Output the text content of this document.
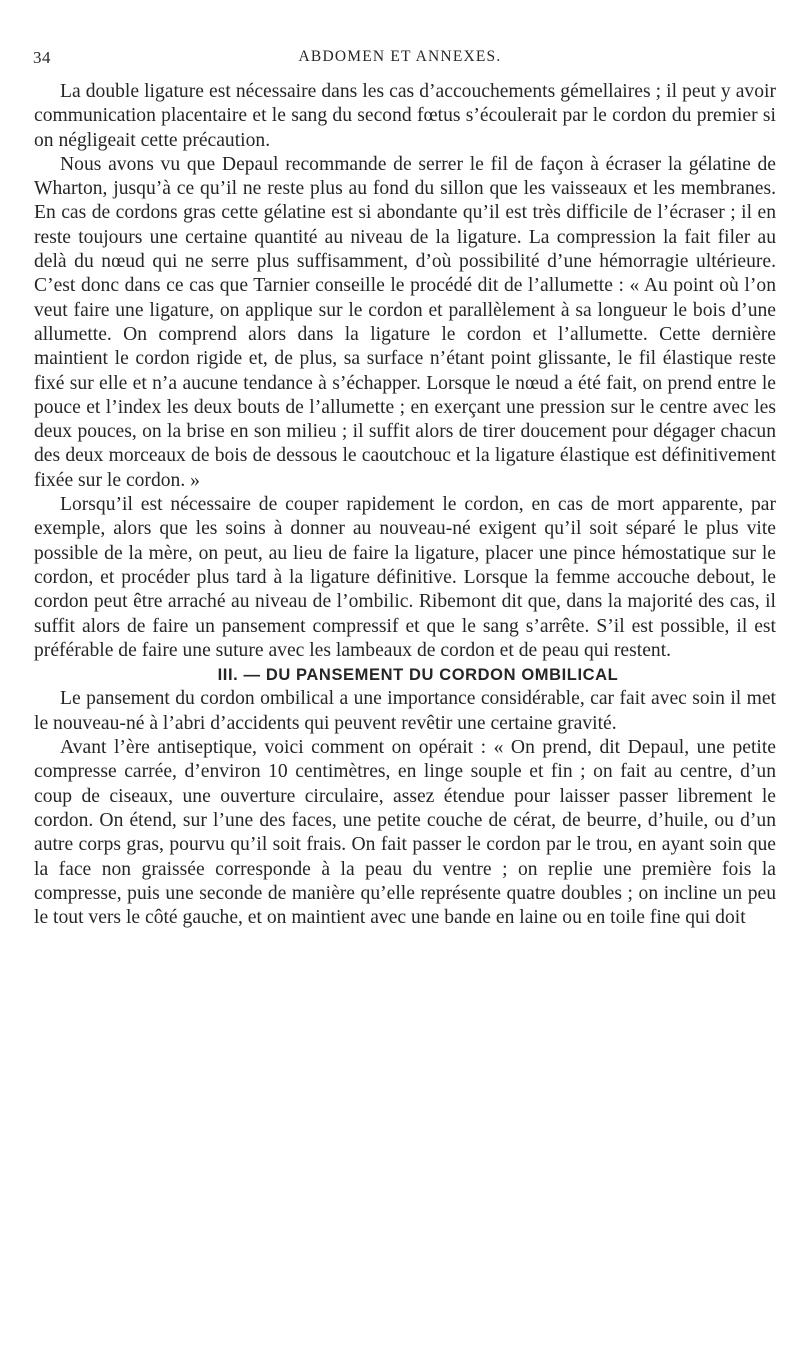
34	ABDOMEN ET ANNEXES.

La double ligature est nécessaire dans les cas d’accouchements gémellaires ; il peut y avoir communication placentaire et le sang du second fœtus s’écoulerait par le cordon du premier si on négligeait cette précaution.

Nous avons vu que Depaul recommande de serrer le fil de façon à écraser la gélatine de Wharton, jusqu’à ce qu’il ne reste plus au fond du sillon que les vaisseaux et les membranes. En cas de cordons gras cette gélatine est si abondante qu’il est très difficile de l’écraser ; il en reste toujours une certaine quantité au niveau de la ligature. La compression la fait filer au delà du nœud qui ne serre plus suffisamment, d’où possibilité d’une hémorragie ultérieure. C’est donc dans ce cas que Tarnier conseille le procédé dit de l’allumette : « Au point où l’on veut faire une ligature, on applique sur le cordon et parallèlement à sa longueur le bois d’une allumette. On comprend alors dans la ligature le cordon et l’allumette. Cette dernière maintient le cordon rigide et, de plus, sa surface n’étant point glissante, le fil élastique reste fixé sur elle et n’a aucune tendance à s’échapper. Lorsque le nœud a été fait, on prend entre le pouce et l’index les deux bouts de l’allumette ; en exerçant une pression sur le centre avec les deux pouces, on la brise en son milieu ; il suffit alors de tirer doucement pour dégager chacun des deux morceaux de bois de dessous le caoutchouc et la ligature élastique est définitivement fixée sur le cordon. »

Lorsqu’il est nécessaire de couper rapidement le cordon, en cas de mort apparente, par exemple, alors que les soins à donner au nouveau-né exigent qu’il soit séparé le plus vite possible de la mère, on peut, au lieu de faire la ligature, placer une pince hémostatique sur le cordon, et procéder plus tard à la ligature définitive. Lorsque la femme accouche debout, le cordon peut être arraché au niveau de l’ombilic. Ribemont dit que, dans la majorité des cas, il suffit alors de faire un pansement compressif et que le sang s’arrête. S’il est possible, il est préférable de faire une suture avec les lambeaux de cordon et de peau qui restent.

III. — DU PANSEMENT DU CORDON OMBILICAL

Le pansement du cordon ombilical a une importance considérable, car fait avec soin il met le nouveau-né à l’abri d’accidents qui peuvent revêtir une certaine gravité.

Avant l’ère antiseptique, voici comment on opérait : « On prend, dit Depaul, une petite compresse carrée, d’environ 10 centimètres, en linge souple et fin ; on fait au centre, d’un coup de ciseaux, une ouverture circulaire, assez étendue pour laisser passer librement le cordon. On étend, sur l’une des faces, une petite couche de cérat, de beurre, d’huile, ou d’un autre corps gras, pourvu qu’il soit frais. On fait passer le cordon par le trou, en ayant soin que la face non graissée corresponde à la peau du ventre ; on replie une première fois la compresse, puis une seconde de manière qu’elle représente quatre doubles ; on incline un peu le tout vers le côté gauche, et on maintient avec une bande en laine ou en toile fine qui doit
